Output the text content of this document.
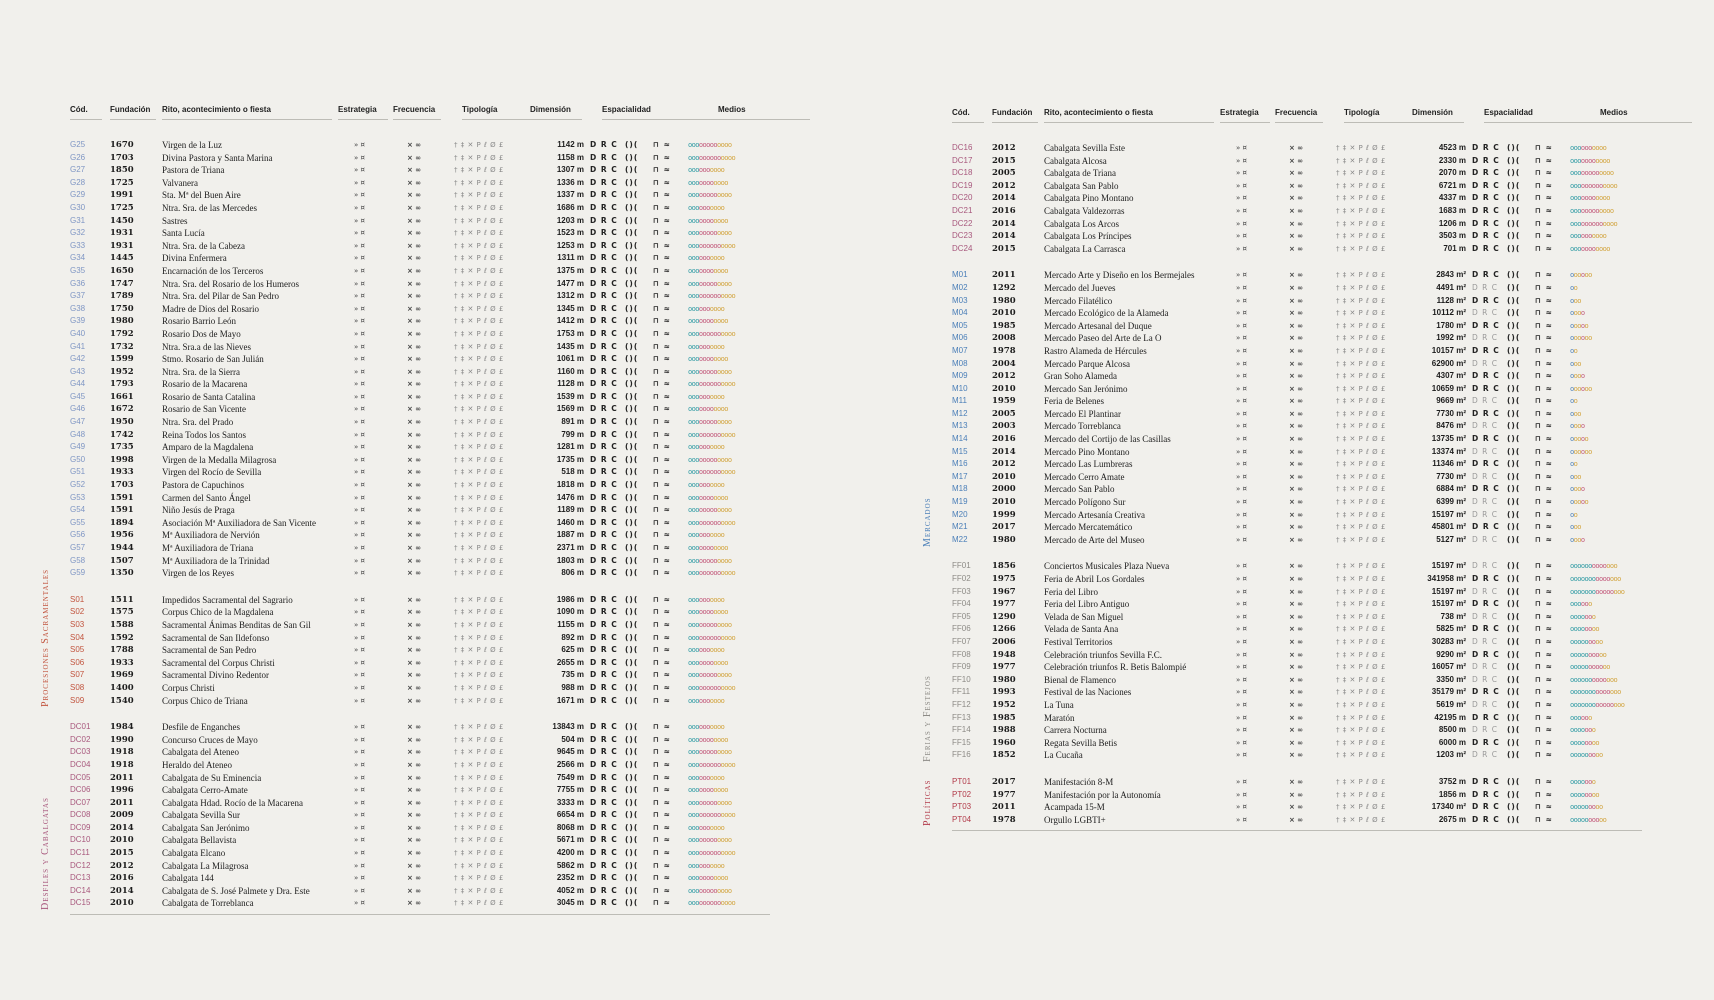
Cód.	Fundación Rito, acontecimiento o fiesta	Estrategia Frecuencia	Tipología	Dimensión	Espacialidad	Medios
G25	1670	Virgen de la Luz	» ¤	× ∞	† ‡ ✕ P ℓ Ø £	1142 m D R C ()( ⊓ ≈ oooooooooooo
G26	1703	Divina Pastora y Santa Marina	» ¤	× ∞	† ‡ ✕ P ℓ Ø £	1158 m D R C ()( ⊓ ≈ ooooooooooooo
G27	1850	Pastora de Triana	» ¤	× ∞	† ‡ ✕ P ℓ Ø £	1307 m D R C ()( ⊓ ≈ oooooooooo
G28	1725	Valvanera	» ¤	× ∞	† ‡ ✕ P ℓ Ø £	1336 m D R C ()( ⊓ ≈ ooooooooooo
G29	1991	Sta. Mª del Buen Aire	» ¤	× ∞	† ‡ ✕ P ℓ Ø £	1337 m D R C ()( ⊓ ≈ oooooooooooo
G30	1725	Ntra. Sra. de las Mercedes	» ¤	× ∞	† ‡ ✕ P ℓ Ø £	1686 m D R C ()( ⊓ ≈ oooooooooo
G31	1450	Sastres	» ¤	× ∞	† ‡ ✕ P ℓ Ø £	1203 m D R C ()( ⊓ ≈ ooooooooooo
G32	1931	Santa Lucía	» ¤	× ∞	† ‡ ✕ P ℓ Ø £	1523 m D R C ()( ⊓ ≈ oooooooooooo
G33	1931	Ntra. Sra. de la Cabeza	» ¤	× ∞	† ‡ ✕ P ℓ Ø £	1253 m D R C ()( ⊓ ≈ ooooooooooooo
G34	1445	Divina Enfermera	» ¤	× ∞	† ‡ ✕ P ℓ Ø £	1311 m D R C ()( ⊓ ≈ oooooooooo
G35	1650	Encarnación de los Terceros	» ¤	× ∞	† ‡ ✕ P ℓ Ø £	1375 m D R C ()( ⊓ ≈ ooooooooooo
G36	1747	Ntra. Sra. del Rosario de los Humeros	» ¤	× ∞	† ‡ ✕ P ℓ Ø £	1477 m D R C ()( ⊓ ≈ oooooooooooo
G37	1789	Ntra. Sra. del Pilar de San Pedro	» ¤	× ∞	† ‡ ✕ P ℓ Ø £	1312 m D R C ()( ⊓ ≈ ooooooooooooo
G38	1750	Madre de Dios del Rosario	» ¤	× ∞	† ‡ ✕ P ℓ Ø £	1345 m D R C ()( ⊓ ≈ oooooooooo
G39	1980	Rosario Barrio León	» ¤	× ∞	† ‡ ✕ P ℓ Ø £	1412 m D R C ()( ⊓ ≈ ooooooooooo
G40	1792	Rosario Dos de Mayo	» ¤	× ∞	† ‡ ✕ P ℓ Ø £	1753 m D R C ()( ⊓ ≈ ooooooooooooo
G41	1732	Ntra. Sra.a de las Nieves	» ¤	× ∞	† ‡ ✕ P ℓ Ø £	1435 m D R C ()( ⊓ ≈ oooooooooo
G42	1599	Stmo. Rosario de San Julián	» ¤	× ∞	† ‡ ✕ P ℓ Ø £	1061 m D R C ()( ⊓ ≈ ooooooooooo
G43	1952	Ntra. Sra. de la Sierra	» ¤	× ∞	† ‡ ✕ P ℓ Ø £	1160 m D R C ()( ⊓ ≈ oooooooooooo
G44	1793	Rosario de la Macarena	» ¤	× ∞	† ‡ ✕ P ℓ Ø £	1128 m D R C ()( ⊓ ≈ ooooooooooooo
G45	1661	Rosario de Santa Catalina	» ¤	× ∞	† ‡ ✕ P ℓ Ø £	1539 m D R C ()( ⊓ ≈ oooooooooo
G46	1672	Rosario de San Vicente	» ¤	× ∞	† ‡ ✕ P ℓ Ø £	1569 m D R C ()( ⊓ ≈ ooooooooooo
G47	1950	Ntra. Sra. del Prado	» ¤	× ∞	† ‡ ✕ P ℓ Ø £	891 m D R C ()( ⊓ ≈ oooooooooooo
G48	1742	Reina Todos los Santos	» ¤	× ∞	† ‡ ✕ P ℓ Ø £	799 m D R C ()( ⊓ ≈ ooooooooooooo
G49	1735	Amparo de la Magdalena	» ¤	× ∞	† ‡ ✕ P ℓ Ø £	1281 m D R C ()( ⊓ ≈ oooooooooo
G50	1998	Virgen de la Medalla Milagrosa	» ¤	× ∞	† ‡ ✕ P ℓ Ø £	1735 m D R C ()( ⊓ ≈ oooooooooooo
G51	1933	Virgen del Rocío de Sevilla	» ¤	× ∞	† ‡ ✕ P ℓ Ø £	518 m D R C ()( ⊓ ≈ ooooooooooooo
G52	1703	Pastora de Capuchinos	» ¤	× ∞	† ‡ ✕ P ℓ Ø £	1818 m D R C ()( ⊓ ≈ oooooooooo
G53	1591	Carmen del Santo Ángel	» ¤	× ∞	† ‡ ✕ P ℓ Ø £	1476 m D R C ()( ⊓ ≈ ooooooooooo
G54	1591	Niño Jesús de Praga	» ¤	× ∞	† ‡ ✕ P ℓ Ø £	1189 m D R C ()( ⊓ ≈ oooooooooooo
G55	1894	Asociación Mª Auxiliadora de San Vicente	» ¤	× ∞	† ‡ ✕ P ℓ Ø £	1460 m D R C ()( ⊓ ≈ ooooooooooooo
G56	1956	Mª Auxiliadora de Nervión	» ¤	× ∞	† ‡ ✕ P ℓ Ø £	1887 m D R C ()( ⊓ ≈ oooooooooo
G57	1944	Mª Auxiliadora de Triana	» ¤	× ∞	† ‡ ✕ P ℓ Ø £	2371 m D R C ()( ⊓ ≈ ooooooooooo
G58	1507	Mª Auxiliadora de la Trinidad	» ¤	× ∞	† ‡ ✕ P ℓ Ø £	1803 m D R C ()( ⊓ ≈ oooooooooooo
G59	1350	Virgen de los Reyes	» ¤	× ∞	† ‡ ✕ P ℓ Ø £	806 m D R C ()( ⊓ ≈ ooooooooooooo
S01	1511	Impedidos Sacramental del Sagrario	» ¤	× ∞	† ‡ ✕ P ℓ Ø £	1986 m D R C ()( ⊓ ≈ oooooooooo
S02	1575	Corpus Chico de la Magdalena	» ¤	× ∞	† ‡ ✕ P ℓ Ø £	1090 m D R C ()( ⊓ ≈ ooooooooooo
S03	1588	Sacramental Ánimas Benditas de San Gil	» ¤	× ∞	† ‡ ✕ P ℓ Ø £	1155 m D R C ()( ⊓ ≈ oooooooooooo
S04	1592	Sacramental de San Ildefonso	» ¤	× ∞	† ‡ ✕ P ℓ Ø £	892 m D R C ()( ⊓ ≈ ooooooooooooo
S05	1788	Sacramental de San Pedro	» ¤	× ∞	† ‡ ✕ P ℓ Ø £	625 m D R C ()( ⊓ ≈ oooooooooo
S06	1933	Sacramental del Corpus Christi	» ¤	× ∞	† ‡ ✕ P ℓ Ø £	2655 m D R C ()( ⊓ ≈ ooooooooooo
S07	1969	Sacramental Divino Redentor	» ¤	× ∞	† ‡ ✕ P ℓ Ø £	735 m D R C ()( ⊓ ≈ oooooooooooo
S08	1400	Corpus Christi	» ¤	× ∞	† ‡ ✕ P ℓ Ø £	988 m D R C ()( ⊓ ≈ ooooooooooooo
S09	1540	Corpus Chico de Triana	» ¤	× ∞	† ‡ ✕ P ℓ Ø £	1671 m D R C ()( ⊓ ≈ oooooooooo
Procesiones Sacramentales
DC01 1984	Desfile de Enganches	» ¤	× ∞	† ‡ ✕ P ℓ Ø £	13843 m D R C ()( ⊓ ≈ oooooooooo
DC02 1990	Concurso Cruces de Mayo	» ¤	× ∞	† ‡ ✕ P ℓ Ø £	504 m D R C ()( ⊓ ≈ ooooooooooo
DC03 1918	Cabalgata del Ateneo	» ¤	× ∞	† ‡ ✕ P ℓ Ø £	9645 m D R C ()( ⊓ ≈ oooooooooooo
DC04 1918	Heraldo del Ateneo	» ¤	× ∞	† ‡ ✕ P ℓ Ø £	2566 m D R C ()( ⊓ ≈ ooooooooooooo
DC05 2011	Cabalgata de Su Eminencia	» ¤	× ∞	† ‡ ✕ P ℓ Ø £	7549 m D R C ()( ⊓ ≈ oooooooooo
DC06 1996	Cabalgata Cerro-Amate	» ¤	× ∞	† ‡ ✕ P ℓ Ø £	7755 m D R C ()( ⊓ ≈ ooooooooooo
DC07 2011	Cabalgata Hdad. Rocío de la Macarena	» ¤	× ∞	† ‡ ✕ P ℓ Ø £	3333 m D R C ()( ⊓ ≈ oooooooooooo
DC08 2009	Cabalgata Sevilla Sur	» ¤	× ∞	† ‡ ✕ P ℓ Ø £	6654 m D R C ()( ⊓ ≈ ooooooooooooo
DC09 2014	Cabalgata San Jerónimo	» ¤	× ∞	† ‡ ✕ P ℓ Ø £	8068 m D R C ()( ⊓ ≈ oooooooooo
DC10 2010	Cabalgata Bellavista	» ¤	× ∞	† ‡ ✕ P ℓ Ø £	5671 m D R C ()( ⊓ ≈ oooooooooooo
DC11 2015	Cabalgata Elcano	» ¤	× ∞	† ‡ ✕ P ℓ Ø £	4200 m D R C ()( ⊓ ≈ ooooooooooooo
DC12 2012	Cabalgata La Milagrosa	» ¤	× ∞	† ‡ ✕ P ℓ Ø £	5862 m D R C ()( ⊓ ≈ oooooooooo
DC13 2016	Cabalgata 144	» ¤	× ∞	† ‡ ✕ P ℓ Ø £	2352 m D R C ()( ⊓ ≈ ooooooooooo
DC14 2014	Cabalgata de S. José Palmete y Dra. Este	» ¤	× ∞	† ‡ ✕ P ℓ Ø £	4052 m D R C ()( ⊓ ≈ oooooooooooo
DC15 2010	Cabalgata de Torreblanca	» ¤	× ∞	† ‡ ✕ P ℓ Ø £	3045 m D R C ()( ⊓ ≈ ooooooooooooo
Desfiles y Cabalgatas
Cód.	Fundación Rito, acontecimiento o fiesta	Estrategia Frecuencia	Tipología	Dimensión	Espacialidad	Medios
DC16 2012	Cabalgata Sevilla Este	» ¤	× ∞	† ‡ ✕ P ℓ Ø £	4523 m D R C ()( ⊓ ≈ oooooooooo
DC17 2015	Cabalgata Alcosa	» ¤	× ∞	† ‡ ✕ P ℓ Ø £	2330 m D R C ()( ⊓ ≈ ooooooooooo
DC18 2005	Cabalgata de Triana	» ¤	× ∞	† ‡ ✕ P ℓ Ø £	2070 m D R C ()( ⊓ ≈ oooooooooooo
DC19 2012	Cabalgata San Pablo	» ¤	× ∞	† ‡ ✕ P ℓ Ø £	6721 m D R C ()( ⊓ ≈ ooooooooooooo
DC20 2014	Cabalgata Pino Montano	» ¤	× ∞	† ‡ ✕ P ℓ Ø £	4337 m D R C ()( ⊓ ≈ ooooooooooo
DC21 2016	Cabalgata Valdezorras	» ¤	× ∞	† ‡ ✕ P ℓ Ø £	1683 m D R C ()( ⊓ ≈ oooooooooooo
DC22 2014	Cabalgata Los Arcos	» ¤	× ∞	† ‡ ✕ P ℓ Ø £	1206 m D R C ()( ⊓ ≈ ooooooooooooo
DC23 2014	Cabalgata Los Príncipes	» ¤	× ∞	† ‡ ✕ P ℓ Ø £	3503 m D R C ()( ⊓ ≈ oooooooooo
DC24 2015	Cabalgata La Carrasca	» ¤	× ∞	† ‡ ✕ P ℓ Ø £	701 m D R C ()( ⊓ ≈ ooooooooooo
M01	2011	Mercado Arte y Diseño en los Bermejales	» ¤	× ∞	† ‡ ✕ P ℓ Ø £	2843 m² D R C ()( ⊓ ≈ oooooo
M02	1292	Mercado del Jueves	» ¤	× ∞	† ‡ ✕ P ℓ Ø £	4491 m² D R C ()( ⊓ ≈ oo
M03	1980	Mercado Filatélico	» ¤	× ∞	† ‡ ✕ P ℓ Ø £	1128 m² D R C ()( ⊓ ≈ ooo
M04	2010	Mercado Ecológico de la Alameda	» ¤	× ∞	† ‡ ✕ P ℓ Ø £	10112 m² D R C ()( ⊓ ≈ oooo
M05	1985	Mercado Artesanal del Duque	» ¤	× ∞	† ‡ ✕ P ℓ Ø £	1780 m² D R C ()( ⊓ ≈ ooooo
M06	2008	Mercado Paseo del Arte de La O	» ¤	× ∞	† ‡ ✕ P ℓ Ø £	1992 m² D R C ()( ⊓ ≈ oooooo
M07	1978	Rastro Alameda de Hércules	» ¤	× ∞	† ‡ ✕ P ℓ Ø £	10157 m² D R C ()( ⊓ ≈ oo
M08	2004	Mercado Parque Alcosa	» ¤	× ∞	† ‡ ✕ P ℓ Ø £	62900 m² D R C ()( ⊓ ≈ ooo
M09	2012	Gran Soho Alameda	» ¤	× ∞	† ‡ ✕ P ℓ Ø £	4307 m² D R C ()( ⊓ ≈ oooo
M10	2010	Mercado San Jerónimo	» ¤	× ∞	† ‡ ✕ P ℓ Ø £	10659 m² D R C ()( ⊓ ≈ oooooo
M11	1959	Feria de Belenes	» ¤	× ∞	† ‡ ✕ P ℓ Ø £	9669 m² D R C ()( ⊓ ≈ oo
M12	2005	Mercado El Plantinar	» ¤	× ∞	† ‡ ✕ P ℓ Ø £	7730 m² D R C ()( ⊓ ≈ ooo
M13	2003	Mercado Torreblanca	» ¤	× ∞	† ‡ ✕ P ℓ Ø £	8476 m² D R C ()( ⊓ ≈ oooo
M14	2016	Mercado del Cortijo de las Casillas	» ¤	× ∞	† ‡ ✕ P ℓ Ø £	13735 m² D R C ()( ⊓ ≈ ooooo
M15	2014	Mercado Pino Montano	» ¤	× ∞	† ‡ ✕ P ℓ Ø £	13374 m² D R C ()( ⊓ ≈ oooooo
M16	2012	Mercado Las Lumbreras	» ¤	× ∞	† ‡ ✕ P ℓ Ø £	11346 m² D R C ()( ⊓ ≈ oo
M17	2010	Mercado Cerro Amate	» ¤	× ∞	† ‡ ✕ P ℓ Ø £	7730 m² D R C ()( ⊓ ≈ ooo
M18	2000	Mercado San Pablo	» ¤	× ∞	† ‡ ✕ P ℓ Ø £	6884 m² D R C ()( ⊓ ≈ oooo
M19	2010	Mercado Polígono Sur	» ¤	× ∞	† ‡ ✕ P ℓ Ø £	6399 m² D R C ()( ⊓ ≈ ooooo
M20	1999	Mercado Artesanía Creativa	» ¤	× ∞	† ‡ ✕ P ℓ Ø £	15197 m² D R C ()( ⊓ ≈ oo
M21	2017	Mercado Mercatemático	» ¤	× ∞	† ‡ ✕ P ℓ Ø £	45801 m² D R C ()( ⊓ ≈ ooo
M22	1980	Mercado de Arte del Museo	» ¤	× ∞	† ‡ ✕ P ℓ Ø £	5127 m² D R C ()( ⊓ ≈ oooo
Mercados
FF01	1856	Conciertos Musicales Plaza Nueva	» ¤	× ∞	† ‡ ✕ P ℓ Ø £	15197 m² D R C ()( ⊓ ≈ ooooooooooooo
FF02	1975	Feria de Abril Los Gordales	» ¤	× ∞	† ‡ ✕ P ℓ Ø £	341958 m² D R C ()( ⊓ ≈ oooooooooooooo
FF03	1967	Feria del Libro	» ¤	× ∞	† ‡ ✕ P ℓ Ø £	15197 m² D R C ()( ⊓ ≈ ooooooooooooooo
FF04	1977	Feria del Libro Antiguo	» ¤	× ∞	† ‡ ✕ P ℓ Ø £	15197 m² D R C ()( ⊓ ≈ oooooo
FF05	1290	Velada de San Miguel	» ¤	× ∞	† ‡ ✕ P ℓ Ø £	738 m² D R C ()( ⊓ ≈ ooooooo
FF06	1266	Velada de Santa Ana	» ¤	× ∞	† ‡ ✕ P ℓ Ø £	5825 m² D R C ()( ⊓ ≈ oooooooo
FF07	2006	Festival Territorios	» ¤	× ∞	† ‡ ✕ P ℓ Ø £	30283 m² D R C ()( ⊓ ≈ ooooooooo
FF08	1948	Celebración triunfos Sevilla F.C.	» ¤	× ∞	† ‡ ✕ P ℓ Ø £	9290 m² D R C ()( ⊓ ≈ oooooooooo
FF09	1977	Celebración triunfos R. Betis Balompié	» ¤	× ∞	† ‡ ✕ P ℓ Ø £	16057 m² D R C ()( ⊓ ≈ ooooooooooo
FF10	1980	Bienal de Flamenco	» ¤	× ∞	† ‡ ✕ P ℓ Ø £	3350 m² D R C ()( ⊓ ≈ ooooooooooooo
FF11	1993	Festival de las Naciones	» ¤	× ∞	† ‡ ✕ P ℓ Ø £	35179 m² D R C ()( ⊓ ≈ oooooooooooooo
FF12	1952	La Tuna	» ¤	× ∞	† ‡ ✕ P ℓ Ø £	5619 m² D R C ()( ⊓ ≈ ooooooooooooooo
FF13	1985	Maratón	» ¤	× ∞	† ‡ ✕ P ℓ Ø £	42195 m D R C ()( ⊓ ≈ oooooo
FF14	1988	Carrera Nocturna	» ¤	× ∞	† ‡ ✕ P ℓ Ø £	8500 m D R C ()( ⊓ ≈ ooooooo
FF15	1960	Regata Sevilla Betis	» ¤	× ∞	† ‡ ✕ P ℓ Ø £	6000 m D R C ()( ⊓ ≈ oooooooo
FF16	1852	La Cucaña	» ¤	× ∞	† ‡ ✕ P ℓ Ø £	1203 m² D R C ()( ⊓ ≈ ooooooooo
Ferias y Festejos
PT01 2017	Manifestación 8-M	» ¤	× ∞	† ‡ ✕ P ℓ Ø £	3752 m D R C ()( ⊓ ≈ ooooooo
PT02 1977	Manifestación por la Autonomía	» ¤	× ∞	† ‡ ✕ P ℓ Ø £	1856 m D R C ()( ⊓ ≈ oooooooo
PT03 2011	Acampada 15-M	» ¤	× ∞	† ‡ ✕ P ℓ Ø £	17340 m² D R C ()( ⊓ ≈ ooooooooo
PT04 1978	Orgullo LGBTI+	» ¤	× ∞	† ‡ ✕ P ℓ Ø £	2675 m D R C ()( ⊓ ≈ oooooooooo
Políticas
